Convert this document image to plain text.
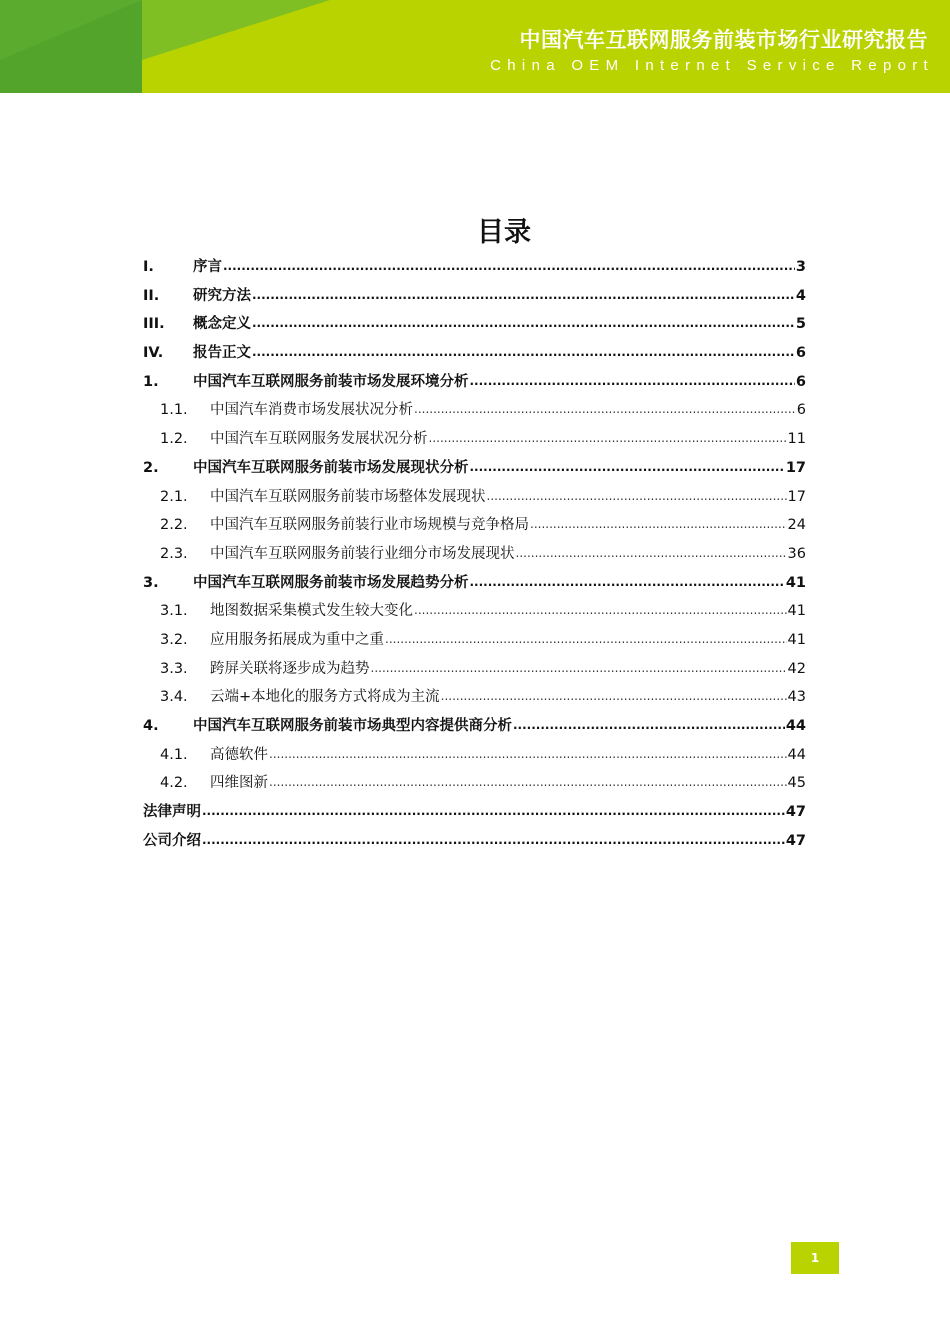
中国汽车互联网服务前装市场行业研究报告
China OEM Internet Service Report
目录
I.	序言 .....	3
II.	研究方法 .....	4
III.	概念定义 .....	5
IV.	报告正文 .....	6
1.	中国汽车互联网服务前装市场发展环境分析 .....	6
1.1.	中国汽车消费市场发展状况分析 .....	6
1.2.	中国汽车互联网服务发展状况分析 .....	11
2.	中国汽车互联网服务前装市场发展现状分析 .....	17
2.1.	中国汽车互联网服务前装市场整体发展现状 .....	17
2.2.	中国汽车互联网服务前装行业市场规模与竞争格局 .....	24
2.3.	中国汽车互联网服务前装行业细分市场发展现状 .....	36
3.	中国汽车互联网服务前装市场发展趋势分析 .....	41
3.1.	地图数据采集模式发生较大变化 .....	41
3.2.	应用服务拓展成为重中之重 .....	41
3.3.	跨屏关联将逐步成为趋势 .....	42
3.4.	云端+本地化的服务方式将成为主流 .....	43
4.	中国汽车互联网服务前装市场典型内容提供商分析 .....	44
4.1.	高德软件 .....	44
4.2.	四维图新 .....	45
法律声明 .....	47
公司介绍 .....	47
1
